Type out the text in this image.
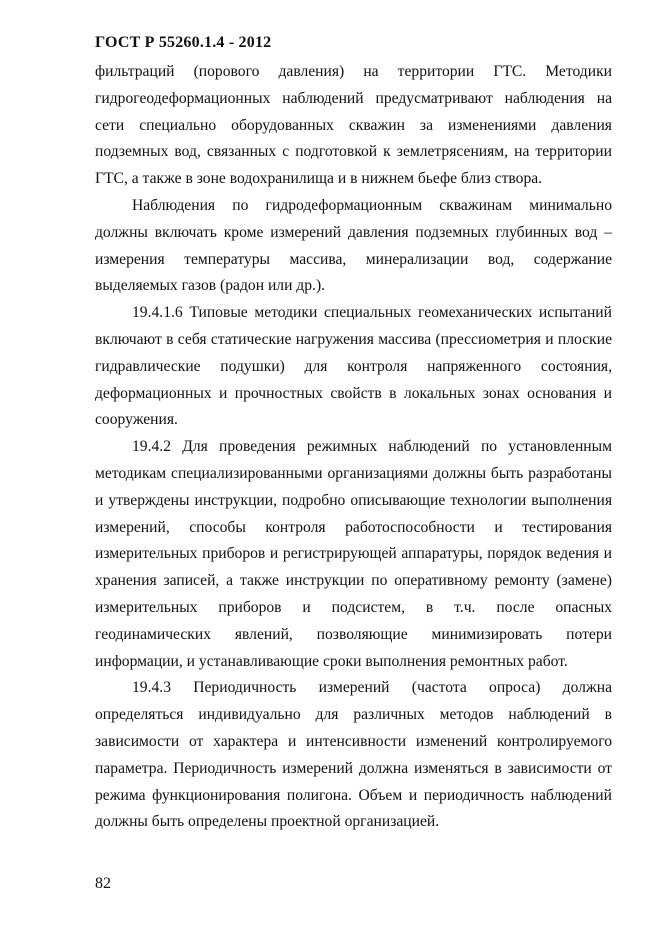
ГОСТ Р 55260.1.4 - 2012

фильтраций (порового давления) на территории ГТС. Методики гидрогеодеформационных наблюдений предусматривают наблюдения на сети специально оборудованных скважин за изменениями давления подземных вод, связанных с подготовкой к землетрясениям, на территории ГТС, а также в зоне водохранилища и в нижнем бьефе близ створа.

Наблюдения по гидродеформационным скважинам минимально должны включать кроме измерений давления подземных глубинных вод – измерения температуры массива, минерализации вод, содержание выделяемых газов (радон или др.).

19.4.1.6 Типовые методики специальных геомеханических испытаний включают в себя статические нагружения массива (прессиометрия и плоские гидравлические подушки) для контроля напряженного состояния, деформационных и прочностных свойств в локальных зонах основания и сооружения.

19.4.2 Для проведения режимных наблюдений по установленным методикам специализированными организациями должны быть разработаны и утверждены инструкции, подробно описывающие технологии выполнения измерений, способы контроля работоспособности и тестирования измерительных приборов и регистрирующей аппаратуры, порядок ведения и хранения записей, а также инструкции по оперативному ремонту (замене) измерительных приборов и подсистем, в т.ч. после опасных геодинамических явлений, позволяющие минимизировать потери информации, и устанавливающие сроки выполнения ремонтных работ.

19.4.3 Периодичность измерений (частота опроса) должна определяться индивидуально для различных методов наблюдений в зависимости от характера и интенсивности изменений контролируемого параметра. Периодичность измерений должна изменяться в зависимости от режима функционирования полигона. Объем и периодичность наблюдений должны быть определены проектной организацией.

82
